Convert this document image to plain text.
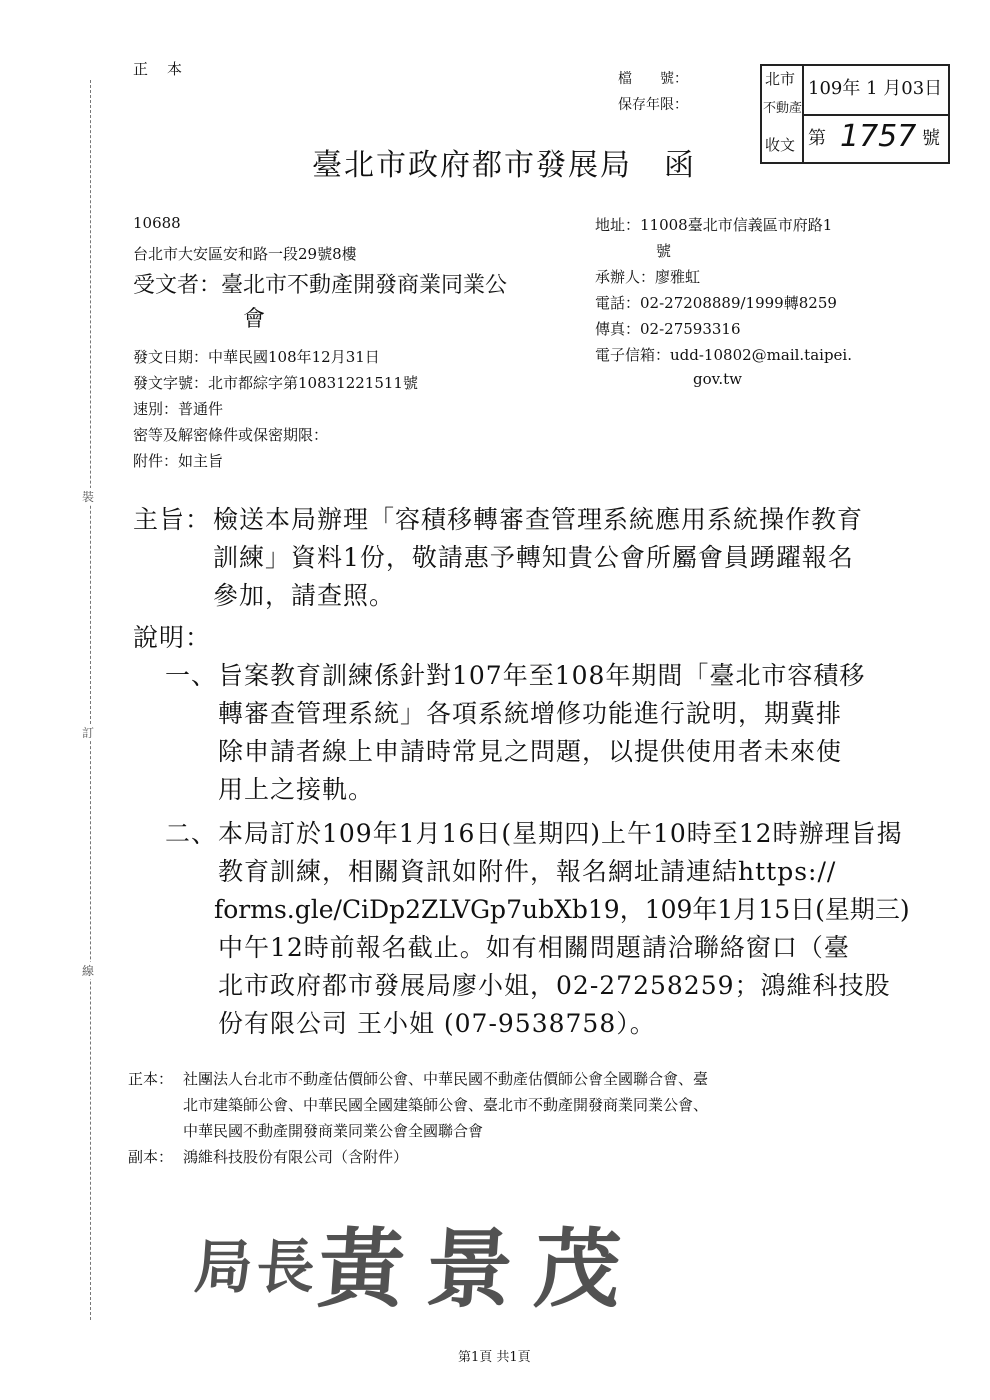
裝
訂
線
正　本
檔　　號：
保存年限：
臺北市政府都市發展局　函
北市
不動產
收文
109年 1 月03日
第 1757 號
10688
台北市大安區安和路一段29號8樓
受文者： 臺北市不動產開發商業同業公
會
地址：11008臺北市信義區市府路1
號
承辦人：廖雅虹
電話：02-27208889/1999轉8259
傳真：02-27593316
電子信箱：udd-10802@mail.taipei.
gov.tw
發文日期：中華民國108年12月31日
發文字號：北市都綜字第10831221511號
速別：普通件
密等及解密條件或保密期限：
附件：如主旨
主旨： 檢送本局辦理「容積移轉審查管理系統應用系統操作教育
訓練」資料1份，敬請惠予轉知貴公會所屬會員踴躍報名
參加，請查照。
說明：
一、 旨案教育訓練係針對107年至108年期間「臺北市容積移
轉審查管理系統」各項系統增修功能進行說明，期冀排
除申請者線上申請時常見之問題，以提供使用者未來使
用上之接軌。
二、 本局訂於109年1月16日(星期四)上午10時至12時辦理旨揭
教育訓練，相關資訊如附件，報名網址請連結https://
forms.gle/CiDp2ZLVGp7ubXb19，109年1月15日(星期三)
中午12時前報名截止。如有相關問題請洽聯絡窗口（臺
北市政府都市發展局廖小姐，02-27258259；鴻維科技股
份有限公司 王小姐 (07-9538758）。
正本： 社團法人台北市不動產估價師公會、中華民國不動產估價師公會全國聯合會、臺
北市建築師公會、中華民國全國建築師公會、臺北市不動產開發商業同業公會、
中華民國不動產開發商業同業公會全國聯合會
副本： 鴻維科技股份有限公司（含附件）
局長黃景茂
第1頁 共1頁
